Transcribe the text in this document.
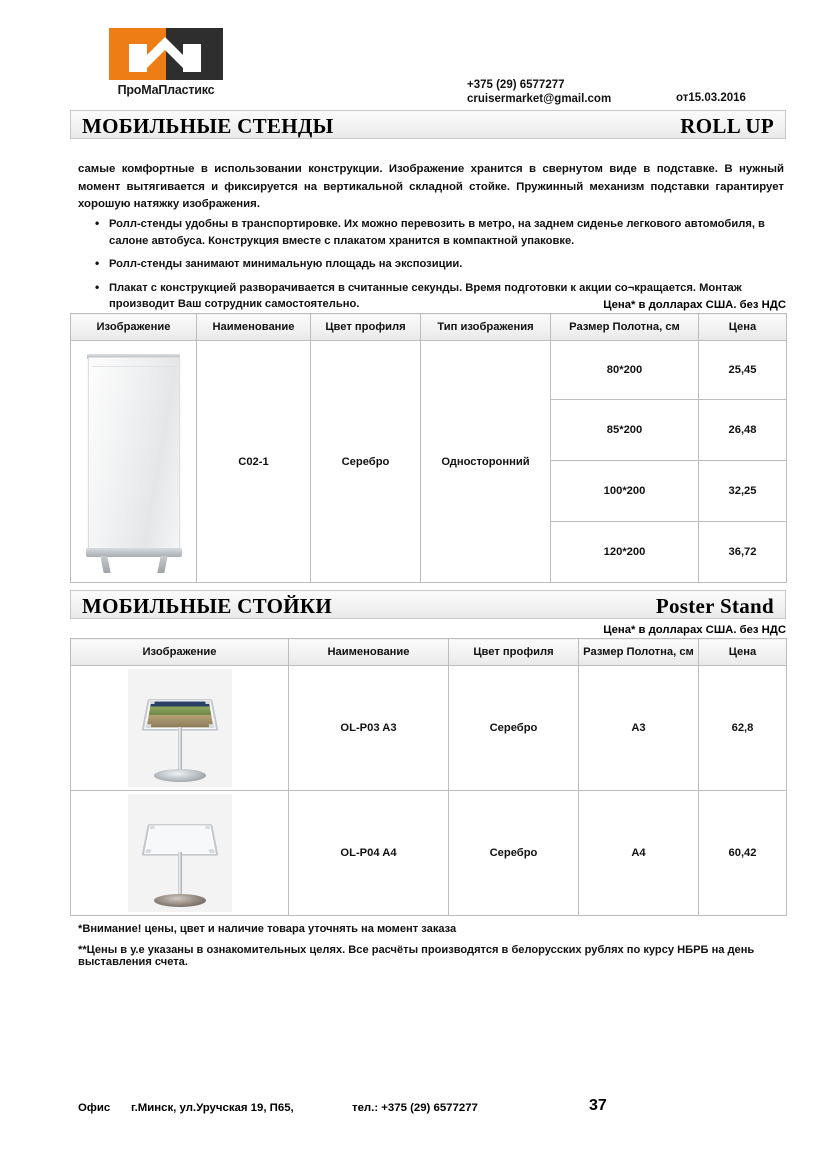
ПроМаПластикс	+375 (29) 6577277
cruisermarket@gmail.com	от15.03.2016
МОБИЛЬНЫЕ СТЕНДЫ	ROLL UP
самые комфортные в использовании конструкции. Изображение хранится в свернутом виде в подставке. В нужный момент вытягивается и фиксируется на вертикальной складной стойке. Пружинный механизм подставки гарантирует хорошую натяжку изображения.
• Ролл-стенды удобны в транспортировке. Их можно перевозить в метро, на заднем сиденье легкового автомобиля, в салоне автобуса. Конструкция вместе с плакатом хранится в компактной упаковке.
• Ролл-стенды занимают минимальную площадь на экспозиции.
• Плакат с конструкцией разворачивается в считанные секунды. Время подготовки к акции со¬кращается. Монтаж производит Ваш сотрудник самостоятельно.	Цена* в долларах США. без НДС
Изображение	Наименование	Цвет профиля	Тип изображения	Размер Полотна, см	Цена

	C02-1	Серебро	Односторонний	80*200	25,45
				85*200	26,48
				100*200	32,25
				120*200	36,72
МОБИЛЬНЫЕ СТОЙКИ	Poster Stand
Цена* в долларах США. без НДС
Изображение	Наименование	Цвет профиля	Размер Полотна, см	Цена

	OL-P03 A3	Серебро	A3	62,8

	OL-P04 A4	Серебро	A4	60,42
*Внимание! цены, цвет и наличие товара уточнять на момент заказа
**Цены в у.е указаны в ознакомительных целях. Все расчёты производятся в белорусских рублях по курсу НБРБ на день выставления счета.
Офис г.Минск, ул.Уручская 19, П65,	тел.: +375 (29) 6577277	37
